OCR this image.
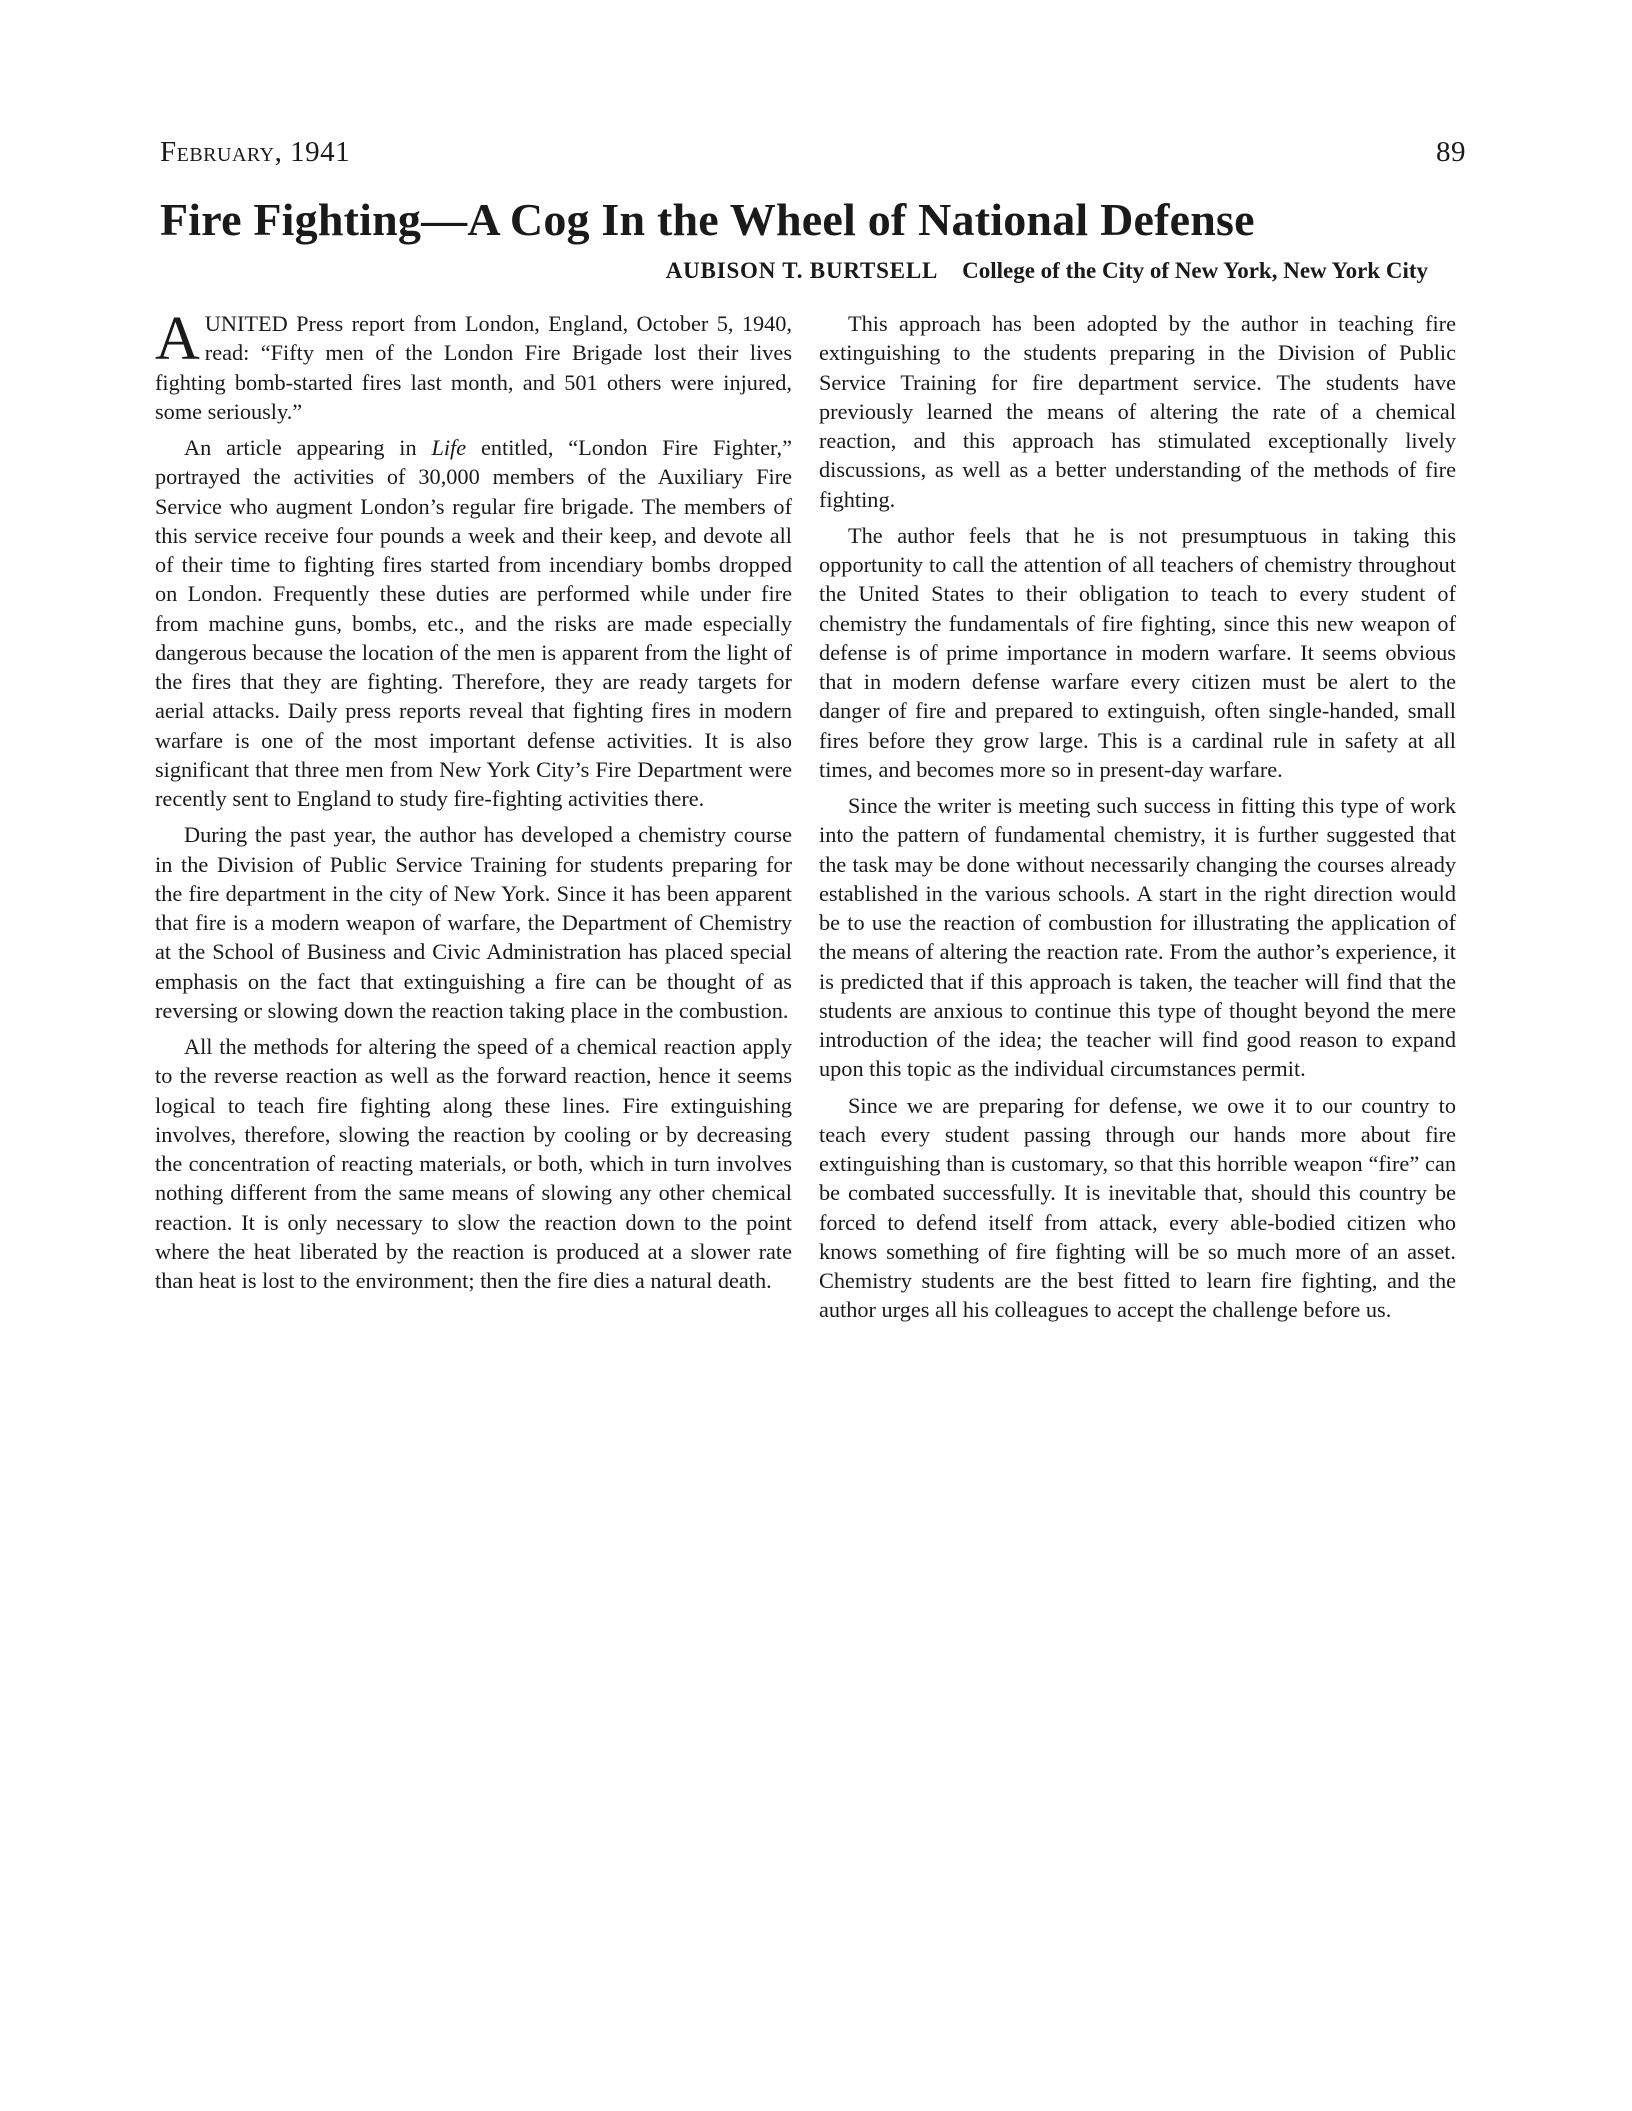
February, 1941	89
Fire Fighting—A Cog In the Wheel of National Defense
AUBISON T. BURTSELL College of the City of New York, New York City

AUNITED Press report from London, England, October 5, 1940, read: “Fifty men of the London Fire Brigade lost their lives fighting bomb-started fires last month, and 501 others were injured, some seriously.”

An article appearing in Life entitled, “London Fire Fighter,” portrayed the activities of 30,000 members of the Auxiliary Fire Service who augment London’s regular fire brigade. The members of this service receive four pounds a week and their keep, and devote all of their time to fighting fires started from incendiary bombs dropped on London. Frequently these duties are performed while under fire from machine guns, bombs, etc., and the risks are made especially dangerous because the location of the men is apparent from the light of the fires that they are fighting. Therefore, they are ready targets for aerial attacks. Daily press reports reveal that fighting fires in modern warfare is one of the most important defense activities. It is also significant that three men from New York City’s Fire Department were recently sent to England to study fire-fighting activities there.

During the past year, the author has developed a chemistry course in the Division of Public Service Training for students preparing for the fire department in the city of New York. Since it has been apparent that fire is a modern weapon of warfare, the Department of Chemistry at the School of Business and Civic Administration has placed special emphasis on the fact that extinguishing a fire can be thought of as reversing or slowing down the reaction taking place in the combustion.

All the methods for altering the speed of a chemical reaction apply to the reverse reaction as well as the forward reaction, hence it seems logical to teach fire fighting along these lines. Fire extinguishing involves, therefore, slowing the reaction by cooling or by decreasing the concentration of reacting materials, or both, which in turn involves nothing different from the same means of slowing any other chemical reaction. It is only necessary to slow the reaction down to the point where the heat liberated by the reaction is produced at a slower rate than heat is lost to the environment; then the fire dies a natural death.

This approach has been adopted by the author in teaching fire extinguishing to the students preparing in the Division of Public Service Training for fire department service. The students have previously learned the means of altering the rate of a chemical reaction, and this approach has stimulated exceptionally lively discussions, as well as a better understanding of the methods of fire fighting.

The author feels that he is not presumptuous in taking this opportunity to call the attention of all teachers of chemistry throughout the United States to their obligation to teach to every student of chemistry the fundamentals of fire fighting, since this new weapon of defense is of prime importance in modern warfare. It seems obvious that in modern defense warfare every citizen must be alert to the danger of fire and prepared to extinguish, often single-handed, small fires before they grow large. This is a cardinal rule in safety at all times, and becomes more so in present-day warfare.

Since the writer is meeting such success in fitting this type of work into the pattern of fundamental chemistry, it is further suggested that the task may be done without necessarily changing the courses already established in the various schools. A start in the right direction would be to use the reaction of combustion for illustrating the application of the means of altering the reaction rate. From the author’s experience, it is predicted that if this approach is taken, the teacher will find that the students are anxious to continue this type of thought beyond the mere introduction of the idea; the teacher will find good reason to expand upon this topic as the individual circumstances permit.

Since we are preparing for defense, we owe it to our country to teach every student passing through our hands more about fire extinguishing than is customary, so that this horrible weapon “fire” can be combated successfully. It is inevitable that, should this country be forced to defend itself from attack, every able-bodied citizen who knows something of fire fighting will be so much more of an asset. Chemistry students are the best fitted to learn fire fighting, and the author urges all his colleagues to accept the challenge before us.
